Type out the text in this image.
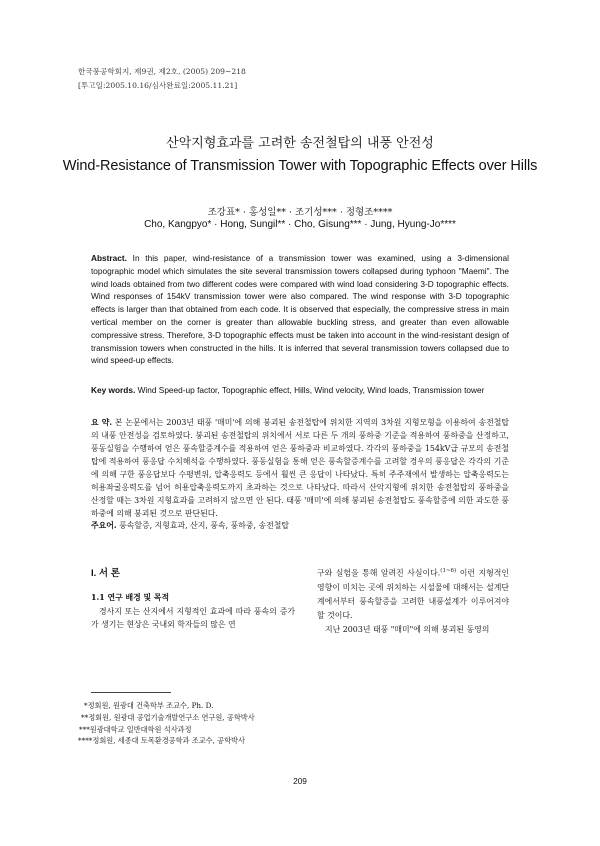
한국풍공학회지, 제9권, 제2호, (2005) 209~218
[투고일:2005.10.16/심사완료일:2005.11.21]
산악지형효과를 고려한 송전철탑의 내풍 안전성
Wind-Resistance of Transmission Tower with Topographic Effects over Hills
조강표* · 홍성일** · 조기성*** · 정형조****
Cho, Kangpyo* · Hong, Sungil** · Cho, Gisung*** · Jung, Hyung-Jo****
Abstract. In this paper, wind-resistance of a transmission tower was examined, using a 3-dimensional topographic model which simulates the site several transmission towers collapsed during typhoon "Maemi". The wind loads obtained from two different codes were compared with wind load considering 3-D topographic effects. Wind responses of 154kV transmission tower were also compared. The wind response with 3-D topographic effects is larger than that obtained from each code. It is observed that especially, the compressive stress in main vertical member on the corner is greater than allowable buckling stress, and greater than even allowable compressive stress. Therefore, 3-D topographic effects must be taken into account in the wind-resistant design of transmission towers when constructed in the hills. It is inferred that several transmission towers collapsed due to wind speed-up effects.
Key words. Wind Speed-up factor, Topographic effect, Hills, Wind velocity, Wind loads, Transmission tower
요 약. 본 논문에서는 2003년 태풍 '매미'에 의해 붕괴된 송전철탑에 위치한 지역의 3차원 지형모형을 이용하여 송전철탑의 내풍 안전성을 검토하였다. 붕괴된 송전철탑의 위치에서 서로 다른 두 개의 풍하중 기준을 적용하여 풍하중을 산정하고, 풍동실험을 수행하여 얻은 풍속할증계수를 적용하여 얻은 풍하중과 비교하였다. 각각의 풍하중을 154kV급 규모의 송전철탑에 적용하여 풍응답 수치해석을 수행하였다. 풍동실험을 통해 얻은 풍속할증계수를 고려할 경우의 풍응답은 각각의 기준에 의해 구한 풍응답보다 수평변위, 압축응력도 등에서 훨씬 큰 응답이 나타났다. 특히 주주재에서 발생하는 압축응력도는 허용좌굴응력도를 넘어 허용압축응력도까지 초과하는 것으로 나타났다. 따라서 산악지형에 위치한 송전철탑의 풍하중을 산정할 때는 3차원 지형효과를 고려하지 않으면 안 된다. 태풍 '매미'에 의해 붕괴된 송전철탑도 풍속할증에 의한 과도한 풍하중에 의해 붕괴된 것으로 판단된다.
주요어. 풍속할증, 지형효과, 산지, 풍속, 풍하중, 송전철탑
I. 서 론
1.1 연구 배경 및 목적
경사지 또는 산지에서 지형적인 효과에 따라 풍속의 증가가 생기는 현상은 국내외 학자들의 많은 연
구와 실험을 통해 알려진 사실이다.$^{(1\sim 6)}$ 이런 지형적인 영향이 미치는 곳에 위치하는 시설물에 대해서는 설계단계에서부터 풍속할증을 고려한 내풍설계가 이루어져야 할 것이다.
지난 2003년 태풍 "매미"에 의해 붕괴된 동영의
*정회원, 원광대 건축학부 조교수, Ph. D.
**정회원, 원광대 공업기술개발연구소 연구원, 공학박사
***원광대학교 일반대학원 석사과정
****정회원, 세종대 토목환경공학과 조교수, 공학박사
209
